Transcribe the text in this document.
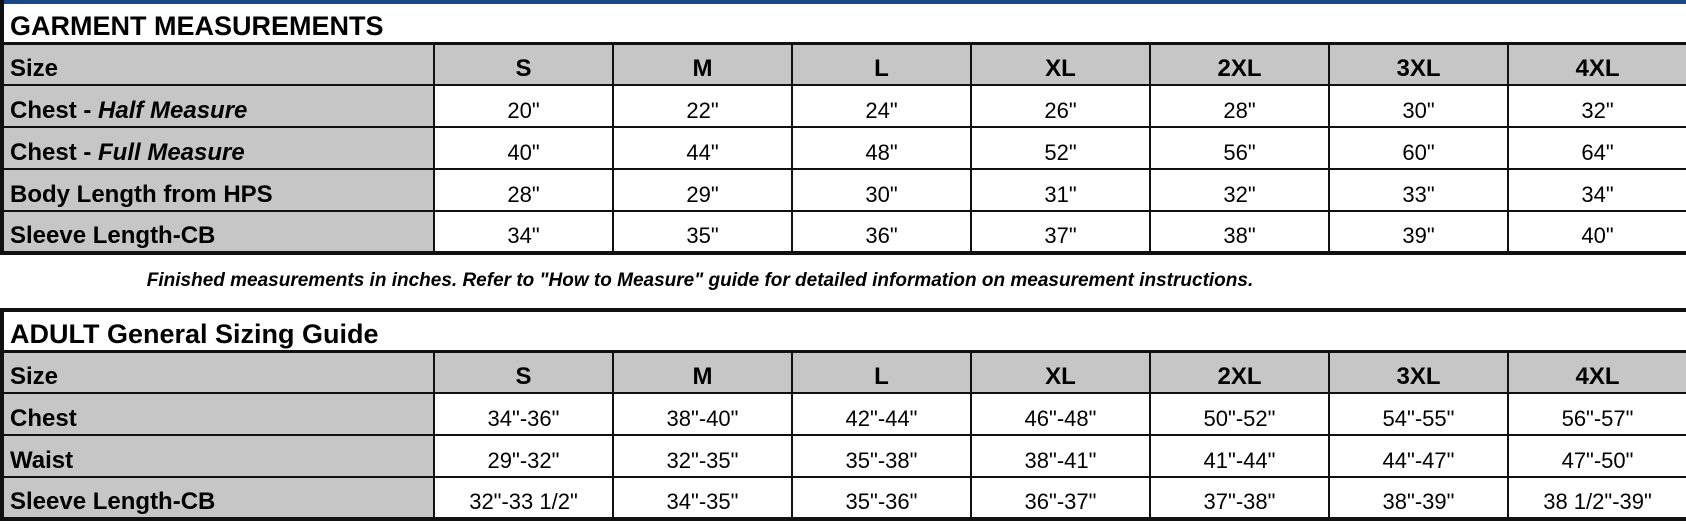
GARMENT MEASUREMENTS							
Size	S	M	L	XL	2XL	3XL	4XL
Chest - Half Measure	20"	22"	24"	26"	28"	30"	32"
Chest - Full Measure	40"	44"	48"	52"	56"	60"	64"
Body Length from HPS	28"	29"	30"	31"	32"	33"	34"
Sleeve Length-CB	34"	35"	36"	37"	38"	39"	40"
Finished measurements in inches. Refer to "How to Measure" guide for detailed information on measurement instructions.
ADULT General Sizing Guide							
Size	S	M	L	XL	2XL	3XL	4XL
Chest	34"-36"	38"-40"	42"-44"	46"-48"	50"-52"	54"-55"	56"-57"
Waist	29"-32"	32"-35"	35"-38"	38"-41"	41"-44"	44"-47"	47"-50"
Sleeve Length-CB	32"-33 1/2"	34"-35"	35"-36"	36"-37"	37"-38"	38"-39"	38 1/2"-39"
